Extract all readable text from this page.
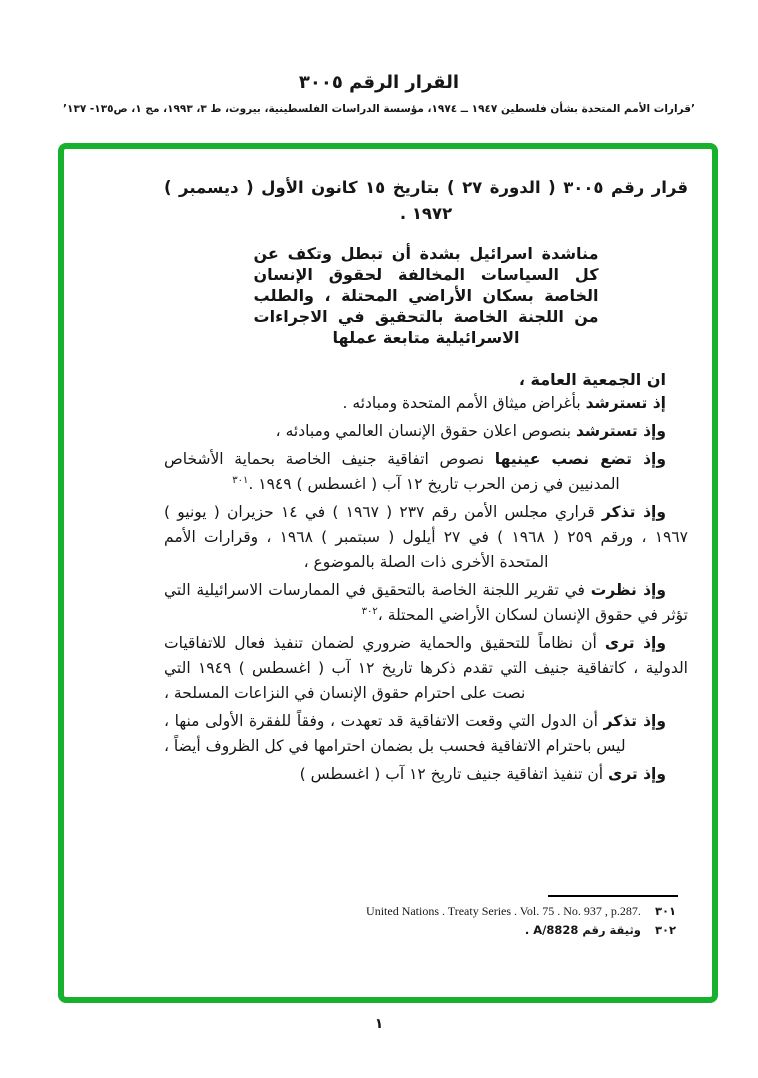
القرار الرقم ٣٠٠٥
’قرارات الأمم المتحدة بشأن فلسطين ١٩٤٧ ــ ١٩٧٤، مؤسسة الدراسات الفلسطينية، بيروت، ط ٣، ١٩٩٣، مج ١، ص١٣٥- ١٣٧’

قرار رقم ٣٠٠٥ ( الدورة ٢٧ ) بتاريخ ١٥ كانون الأول ( ديسمبر ) ١٩٧٢ .

مناشدة اسرائيل بشدة أن تبطل وتكف عن كل السياسات المخالفة لحقوق الإنسان الخاصة بسكان الأراضي المحتلة ، والطلب من اللجنة الخاصة بالتحقيق في الاجراءات الاسرائيلية متابعة عملها

ان الجمعية العامة ،

إذ تسترشد بأغراض ميثاق الأمم المتحدة ومبادئه .

وإذ تسترشد بنصوص اعلان حقوق الإنسان العالمي ومبادئه ،

وإذ تضع نصب عينيها نصوص اتفاقية جنيف الخاصة بحماية الأشخاص المدنيين في زمن الحرب تاريخ ١٢ آب ( اغسطس ) ١٩٤٩ .$^{٣٠١}$

وإذ تذكر قراري مجلس الأمن رقم ٢٣٧ ( ١٩٦٧ ) في ١٤ حزيران ( يونيو ) ١٩٦٧ ، ورقم ٢٥٩ ( ١٩٦٨ ) في ٢٧ أيلول ( سبتمبر ) ١٩٦٨ ، وقرارات الأمم المتحدة الأخرى ذات الصلة بالموضوع ،

وإذ نظرت في تقرير اللجنة الخاصة بالتحقيق في الممارسات الاسرائيلية التي تؤثر في حقوق الإنسان لسكان الأراضي المحتلة ،$^{٣٠٢}$

وإذ ترى أن نظاماً للتحقيق والحماية ضروري لضمان تنفيذ فعال للاتفاقيات الدولية ، كاتفاقية جنيف التي تقدم ذكرها تاريخ ١٢ آب ( اغسطس ) ١٩٤٩ التي نصت على احترام حقوق الإنسان في النزاعات المسلحة ،

وإذ تذكر أن الدول التي وقعت الاتفاقية قد تعهدت ، وفقاً للفقرة الأولى منها ، ليس باحترام الاتفاقية فحسب بل بضمان احترامها في كل الظروف أيضاً ،

وإذ ترى أن تنفيذ اتفاقية جنيف تاريخ ١٢ آب ( اغسطس )

٣٠١United Nations . Treaty Series . Vol. 75 . No. 937 , p.287.
٣٠٢وثيقة رقم A/8828 .
١
